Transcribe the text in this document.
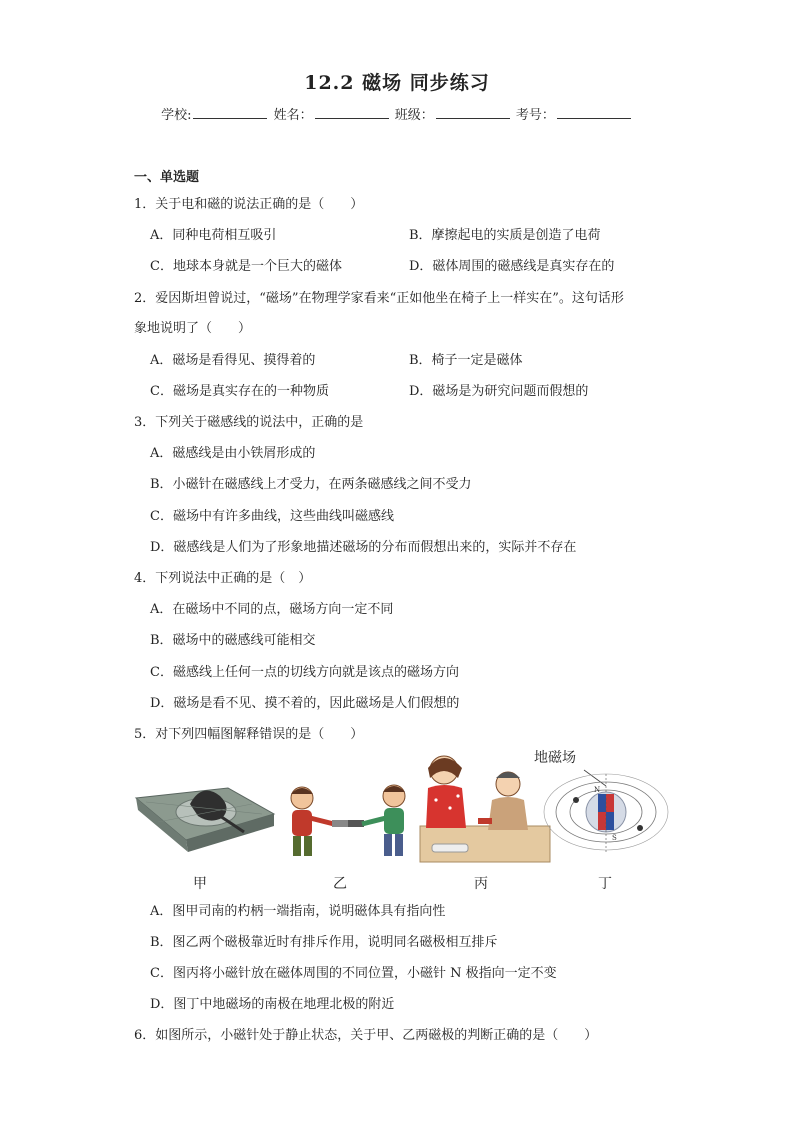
12.2 磁场 同步练习
学校:	姓名：	班级：	考号：
一、单选题
1．关于电和磁的说法正确的是（　　）
A．同种电荷相互吸引	B．摩擦起电的实质是创造了电荷
C．地球本身就是一个巨大的磁体	D．磁体周围的磁感线是真实存在的
2．爱因斯坦曾说过，“磁场”在物理学家看来“正如他坐在椅子上一样实在”。这句话形
象地说明了（　　）
A．磁场是看得见、摸得着的	B．椅子一定是磁体
C．磁场是真实存在的一种物质	D．磁场是为研究问题而假想的
3．下列关于磁感线的说法中，正确的是
A．磁感线是由小铁屑形成的
B．小磁针在磁感线上才受力，在两条磁感线之间不受力
C．磁场中有许多曲线，这些曲线叫磁感线
D．磁感线是人们为了形象地描述磁场的分布而假想出来的，实际并不存在
4．下列说法中正确的是（　）
A．在磁场中不同的点，磁场方向一定不同
B．磁场中的磁感线可能相交
C．磁感线上任何一点的切线方向就是该点的磁场方向
D．磁场是看不见、摸不着的，因此磁场是人们假想的
5．对下列四幅图解释错误的是（　　）
地磁场
N
S
甲	乙	丙	丁
A．图甲司南的杓柄一端指南，说明磁体具有指向性
B．图乙两个磁极靠近时有排斥作用，说明同名磁极相互排斥
C．图丙将小磁针放在磁体周围的不同位置，小磁针 N 极指向一定不变
D．图丁中地磁场的南极在地理北极的附近
6．如图所示，小磁针处于静止状态，关于甲、乙两磁极的判断正确的是（　　）
